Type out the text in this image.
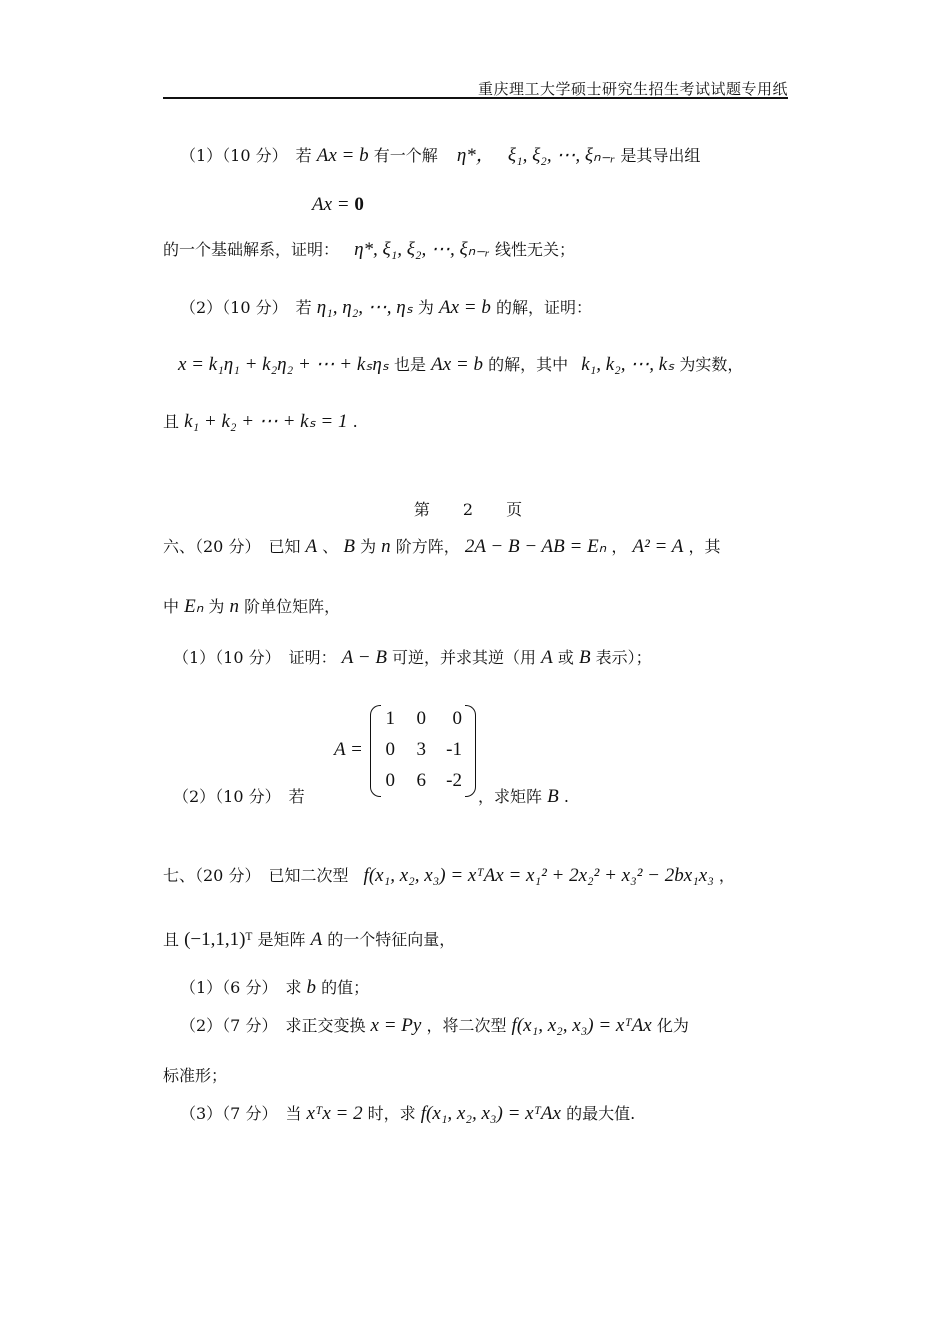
重庆理工大学硕士研究生招生考试试题专用纸
（1）（10 分）　若 Ax = b 有一个解 η*， ξ₁, ξ₂, ⋯, ξₙ₋ᵣ 是其导出组
Ax = 0
的一个基础解系，证明： η*, ξ₁, ξ₂, ⋯, ξₙ₋ᵣ 线性无关；
（2）（10 分）　若 η₁, η₂, ⋯, ηₛ 为 Ax = b 的解，证明：
x = k₁η₁ + k₂η₂ + ⋯ + kₛηₛ 也是 Ax = b 的解，其中 k₁, k₂, ⋯, kₛ 为实数，
且 k₁ + k₂ + ⋯ + kₛ = 1 .
第 2 页
六、（20 分）　已知 A 、 B 为 n 阶方阵， 2A − B − AB = Eₙ ， A² = A ，其
中 Eₙ 为 n 阶单位矩阵，
（1）（10 分）　证明： A − B 可逆，并求其逆（用 A 或 B 表示）；
A =
1	0	0
0	3	-1
0	6	-2
（2）（10 分）　若	，求矩阵 B .
七、（20 分）　已知二次型 f(x₁, x₂, x₃) = xᵀAx = x₁² + 2x₂² + x₃² − 2bx₁x₃ ，
且 (−1,1,1)ᵀ 是矩阵 A 的一个特征向量，
（1）（6 分）　求 b 的值；
（2）（7 分）　求正交变换 x = Py ，将二次型 f(x₁, x₂, x₃) = xᵀAx 化为
标准形；
（3）（7 分）　当 xᵀx = 2 时，求 f(x₁, x₂, x₃) = xᵀAx 的最大值.
